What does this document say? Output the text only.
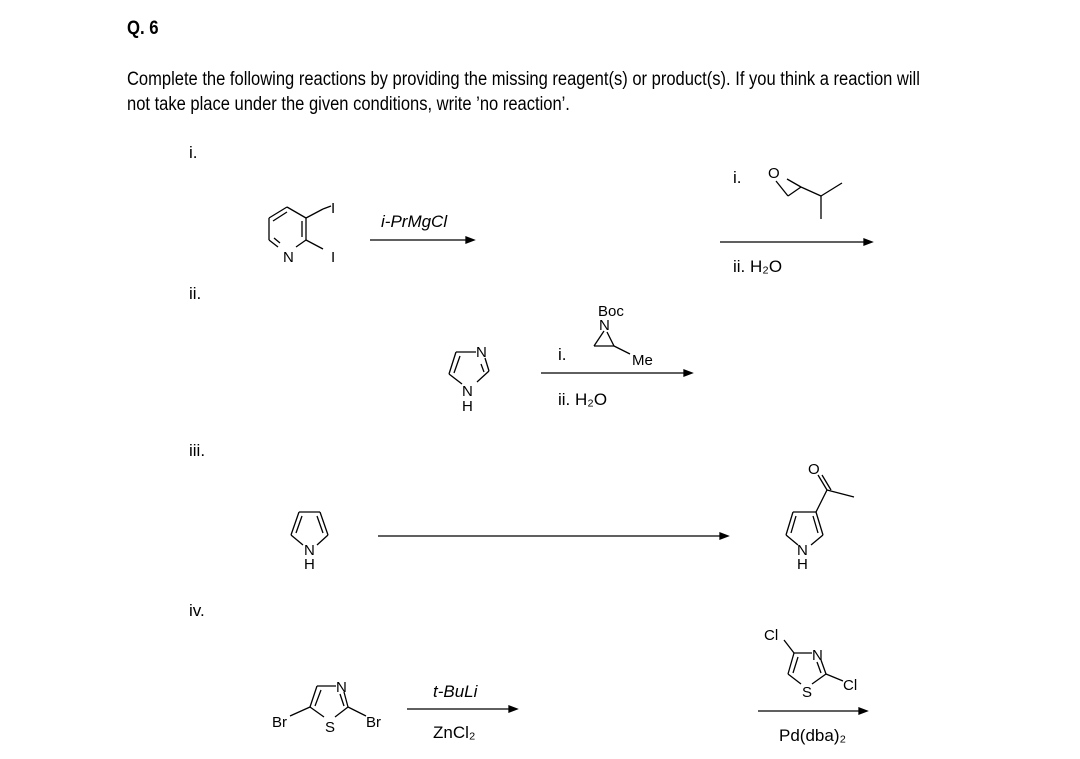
Q. 6
Complete the following reactions by providing the missing reagent(s) or product(s). If you think a reaction will
not take place under the given conditions, write ’no reaction’.
i.
N
I
I
O
N
N
H
Boc
N
Me
N
H
O
N
H
Br	Br
N
S
Cl
Cl
N
S
i-PrMgCl
i.
ii. H₂O
ii.
i.
ii. H₂O
iii.
iv.
t-BuLi
ZnCl₂	Pd(dba)₂
